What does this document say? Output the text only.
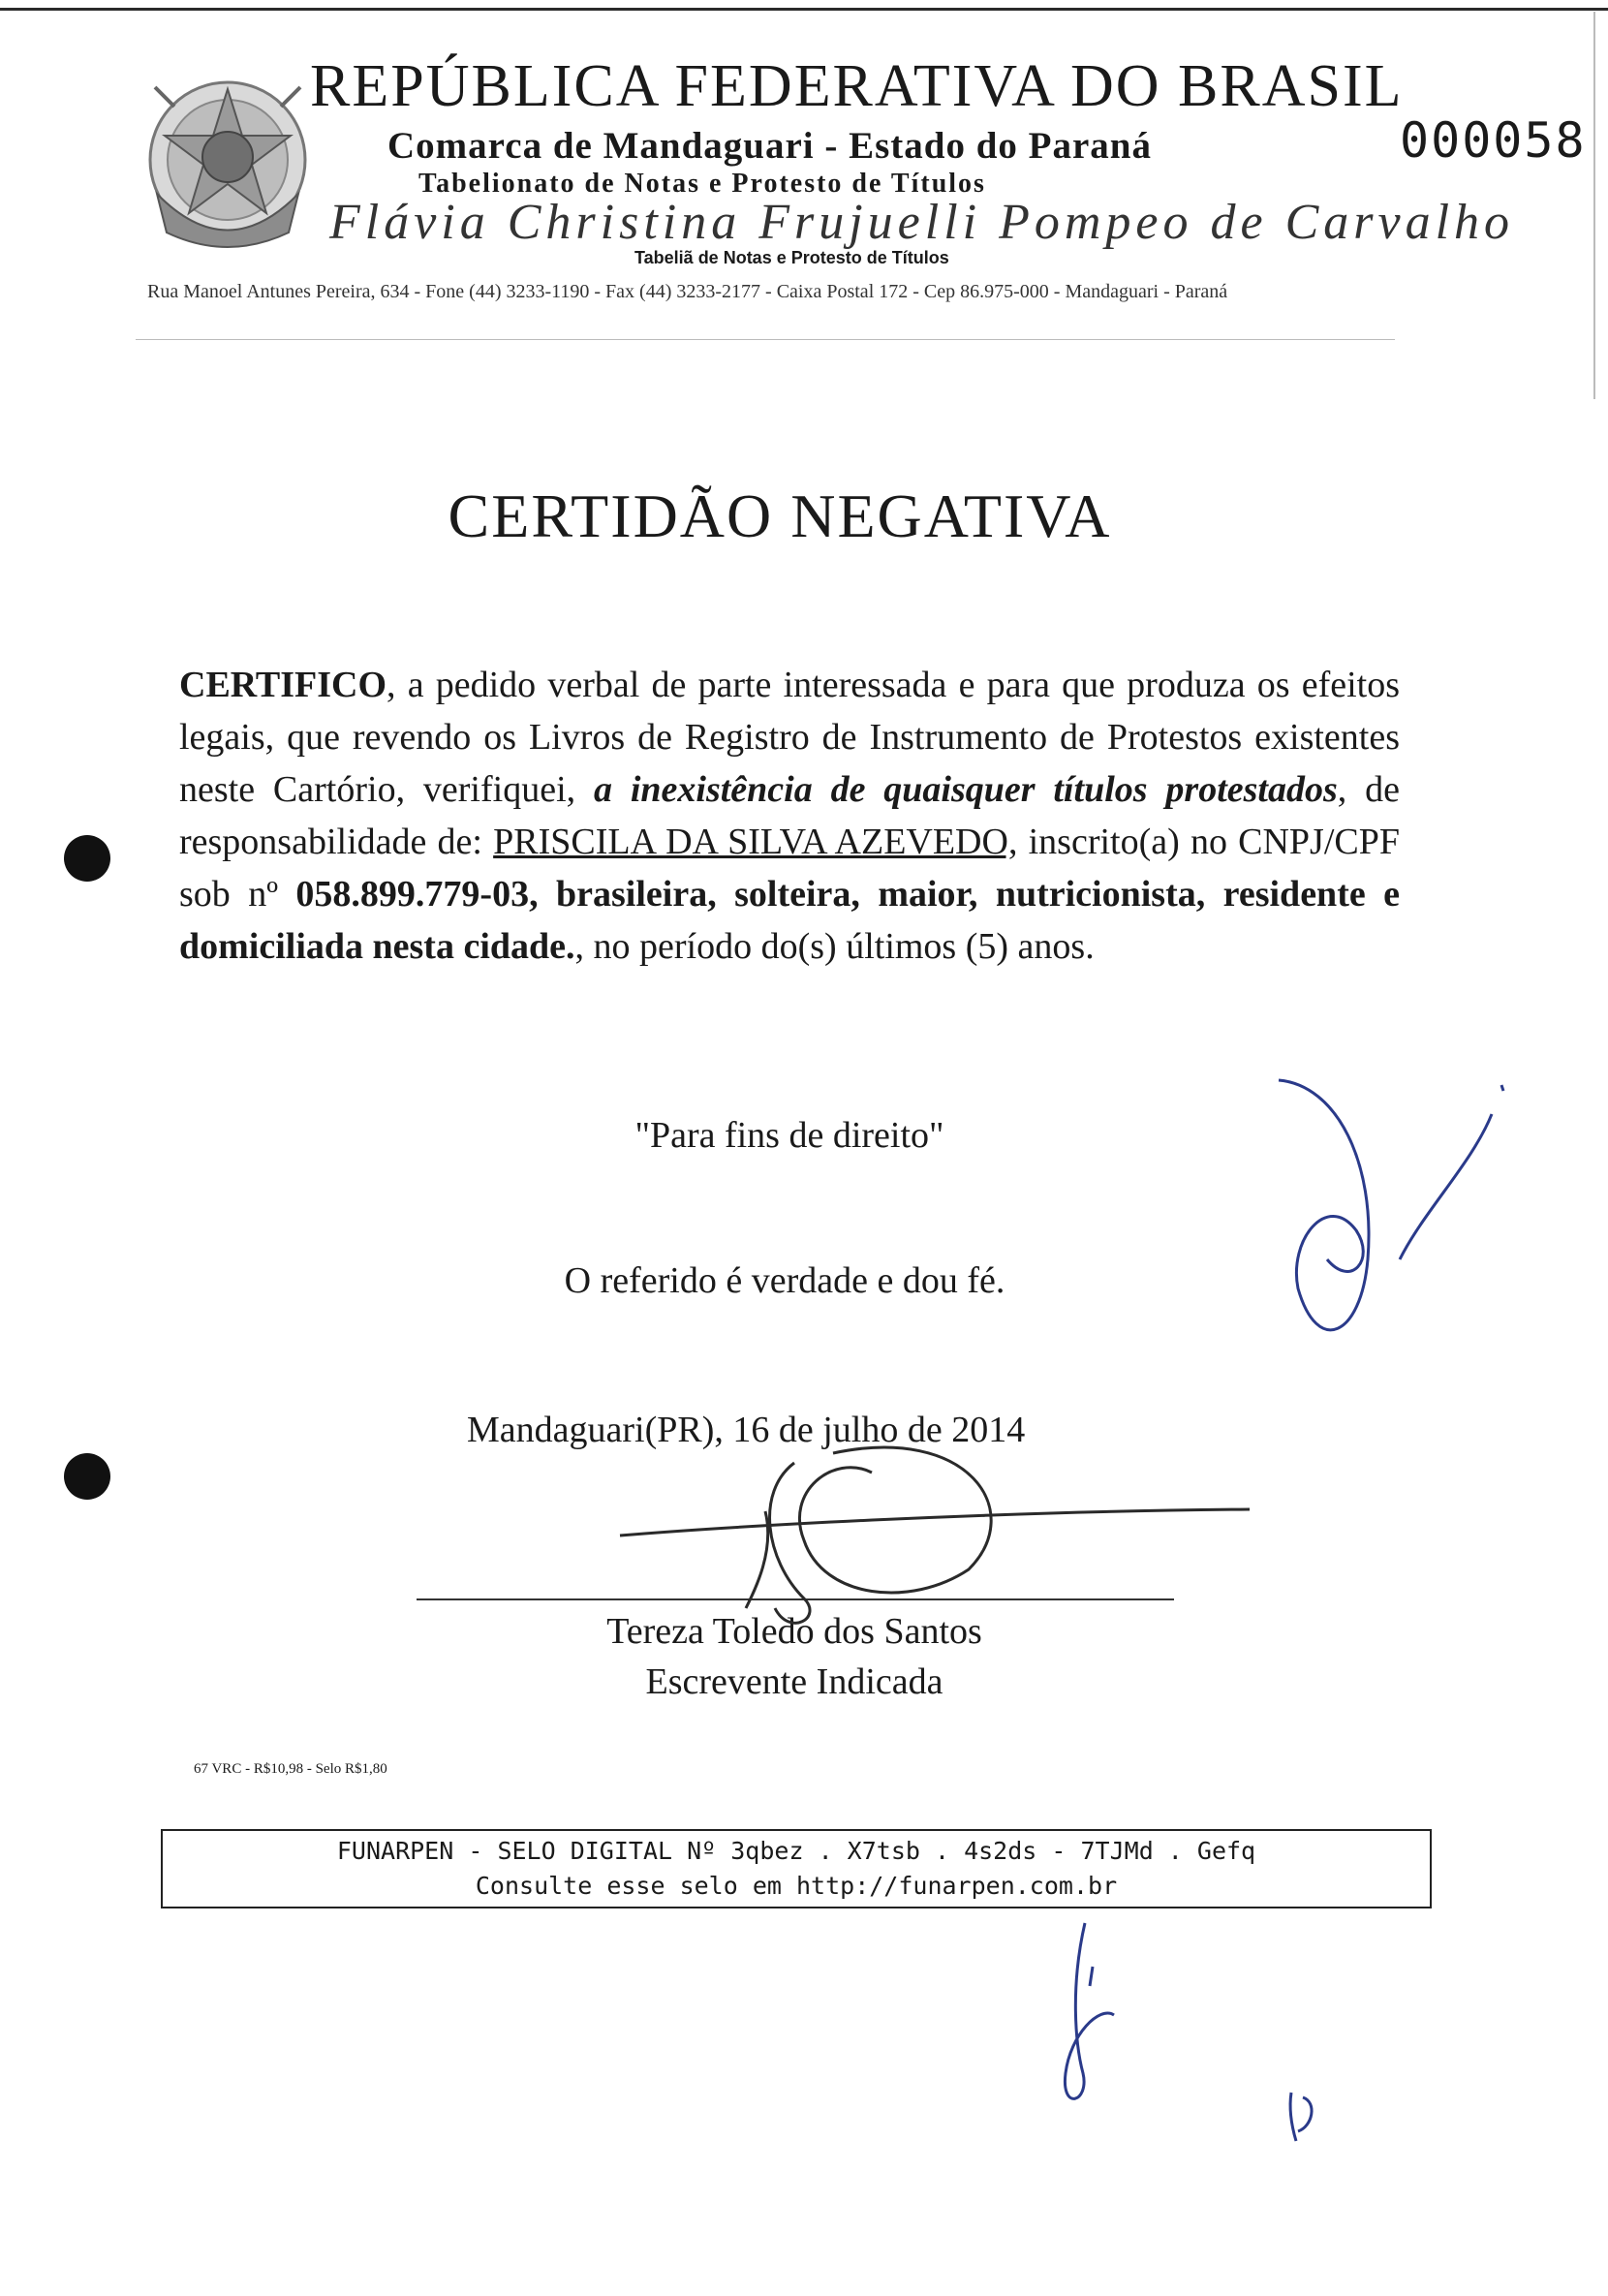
REPÚBLICA FEDERATIVA DO BRASIL
Comarca de Mandaguari - Estado do Paraná	000058
Tabelionato de Notas e Protesto de Títulos
Flávia Christina Frujuelli Pompeo de Carvalho
Tabeliã de Notas e Protesto de Títulos
Rua Manoel Antunes Pereira, 634 - Fone (44) 3233-1190 - Fax (44) 3233-2177 - Caixa Postal 172 - Cep 86.975-000 - Mandaguari - Paraná
CERTIDÃO NEGATIVA
CERTIFICO, a pedido verbal de parte interessada e para que produza os efeitos legais, que revendo os Livros de Registro de Instrumento de Protestos existentes neste Cartório, verifiquei, a inexistência de quaisquer títulos protestados, de responsabilidade de: PRISCILA DA SILVA AZEVEDO, inscrito(a) no CNPJ/CPF sob nº 058.899.779-03, brasileira, solteira, maior, nutricionista, residente e domiciliada nesta cidade., no período do(s) últimos (5) anos.
"Para fins de direito"
O referido é verdade e dou fé.
Mandaguari(PR), 16 de julho de 2014
Tereza Toledo dos Santos
Escrevente Indicada
67 VRC - R$10,98 - Selo R$1,80
FUNARPEN - SELO DIGITAL Nº 3qbez . X7tsb . 4s2ds - 7TJMd . Gefq
Consulte esse selo em http://funarpen.com.br
